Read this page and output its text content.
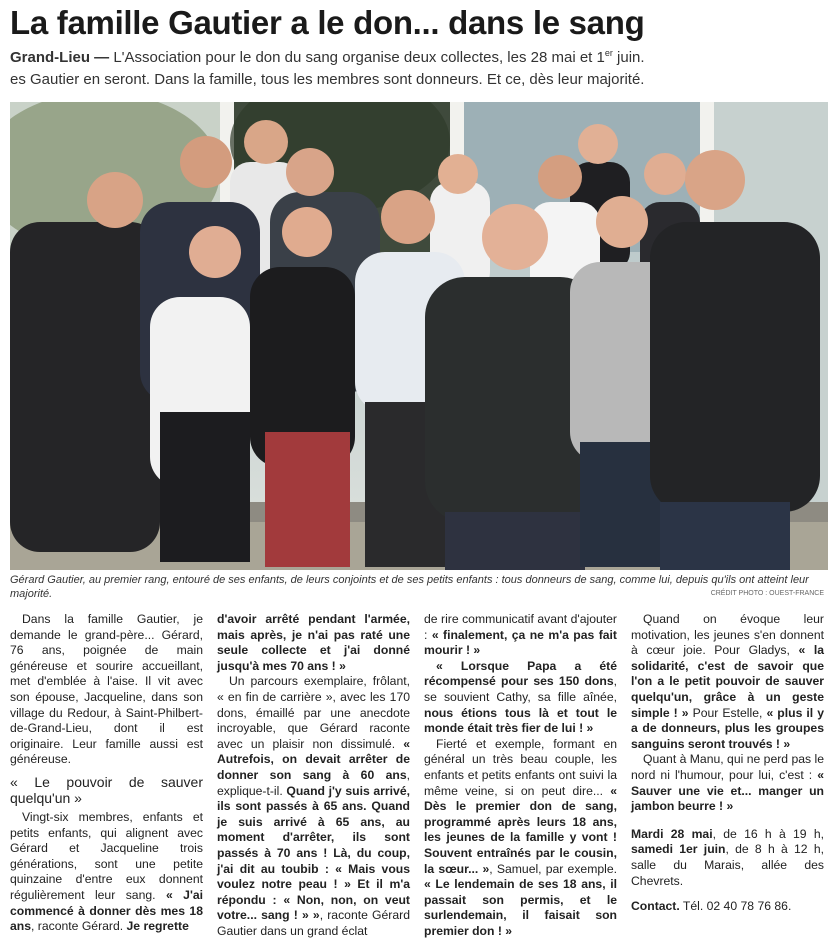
La famille Gautier a le don... dans le sang
Grand-Lieu — L'Association pour le don du sang organise deux collectes, les 28 mai et 1er juin.
es Gautier en seront. Dans la famille, tous les membres sont donneurs. Et ce, dès leur majorité.
Gérard Gautier, au premier rang, entouré de ses enfants, de leurs conjoints et de ses petits enfants : tous donneurs de sang, comme lui, depuis qu'ils ont atteint leur majorité.	CRÉDIT PHOTO : OUEST-FRANCE

Dans la famille Gautier, je demande le grand-père... Gérard, 76 ans, poignée de main généreuse et sourire accueillant, met d'emblée à l'aise. Il vit avec son épouse, Jacqueline, dans son village du Redour, à Saint-Philbert-de-Grand-Lieu, dont il est originaire. Leur famille aussi est généreuse.

« Le pouvoir de sauver quelqu'un »

Vingt-six membres, enfants et petits enfants, qui alignent avec Gérard et Jacqueline trois générations, sont une petite quinzaine d'entre eux donnent régulièrement leur sang. « J'ai commencé à donner dès mes 18 ans, raconte Gérard. Je regrette

d'avoir arrêté pendant l'armée, mais après, je n'ai pas raté une seule collecte et j'ai donné jusqu'à mes 70 ans ! »

Un parcours exemplaire, frôlant, « en fin de carrière », avec les 170 dons, émaillé par une anecdote incroyable, que Gérard raconte avec un plaisir non dissimulé. « Autrefois, on devait arrêter de donner son sang à 60 ans, explique-t-il. Quand j'y suis arrivé, ils sont passés à 65 ans. Quand je suis arrivé à 65 ans, au moment d'arrêter, ils sont passés à 70 ans ! Là, du coup, j'ai dit au toubib : « Mais vous voulez notre peau ! » Et il m'a répondu : « Non, non, on veut votre... sang ! » », raconte Gérard Gautier dans un grand éclat

de rire communicatif avant d'ajouter : « finalement, ça ne m'a pas fait mourir ! »

« Lorsque Papa a été récompensé pour ses 150 dons, se souvient Cathy, sa fille aînée, nous étions tous là et tout le monde était très fier de lui ! »

Fierté et exemple, formant en général un très beau couple, les enfants et petits enfants ont suivi la même veine, si on peut dire... « Dès le premier don de sang, programmé après leurs 18 ans, les jeunes de la famille y vont ! Souvent entraînés par le cousin, la sœur... », Samuel, par exemple. « Le lendemain de ses 18 ans, il passait son permis, et le surlendemain, il faisait son premier don ! »

Quand on évoque leur motivation, les jeunes s'en donnent à cœur joie. Pour Gladys, « la solidarité, c'est de savoir que l'on a le petit pouvoir de sauver quelqu'un, grâce à un geste simple ! » Pour Estelle, « plus il y a de donneurs, plus les groupes sanguins seront trouvés ! »

Quant à Manu, qui ne perd pas le nord ni l'humour, pour lui, c'est : « Sauver une vie et... manger un jambon beurre ! »

Mardi 28 mai, de 16 h à 19 h, samedi 1er juin, de 8 h à 12 h, salle du Marais, allée des Chevrets.

Contact. Tél. 02 40 78 76 86.
